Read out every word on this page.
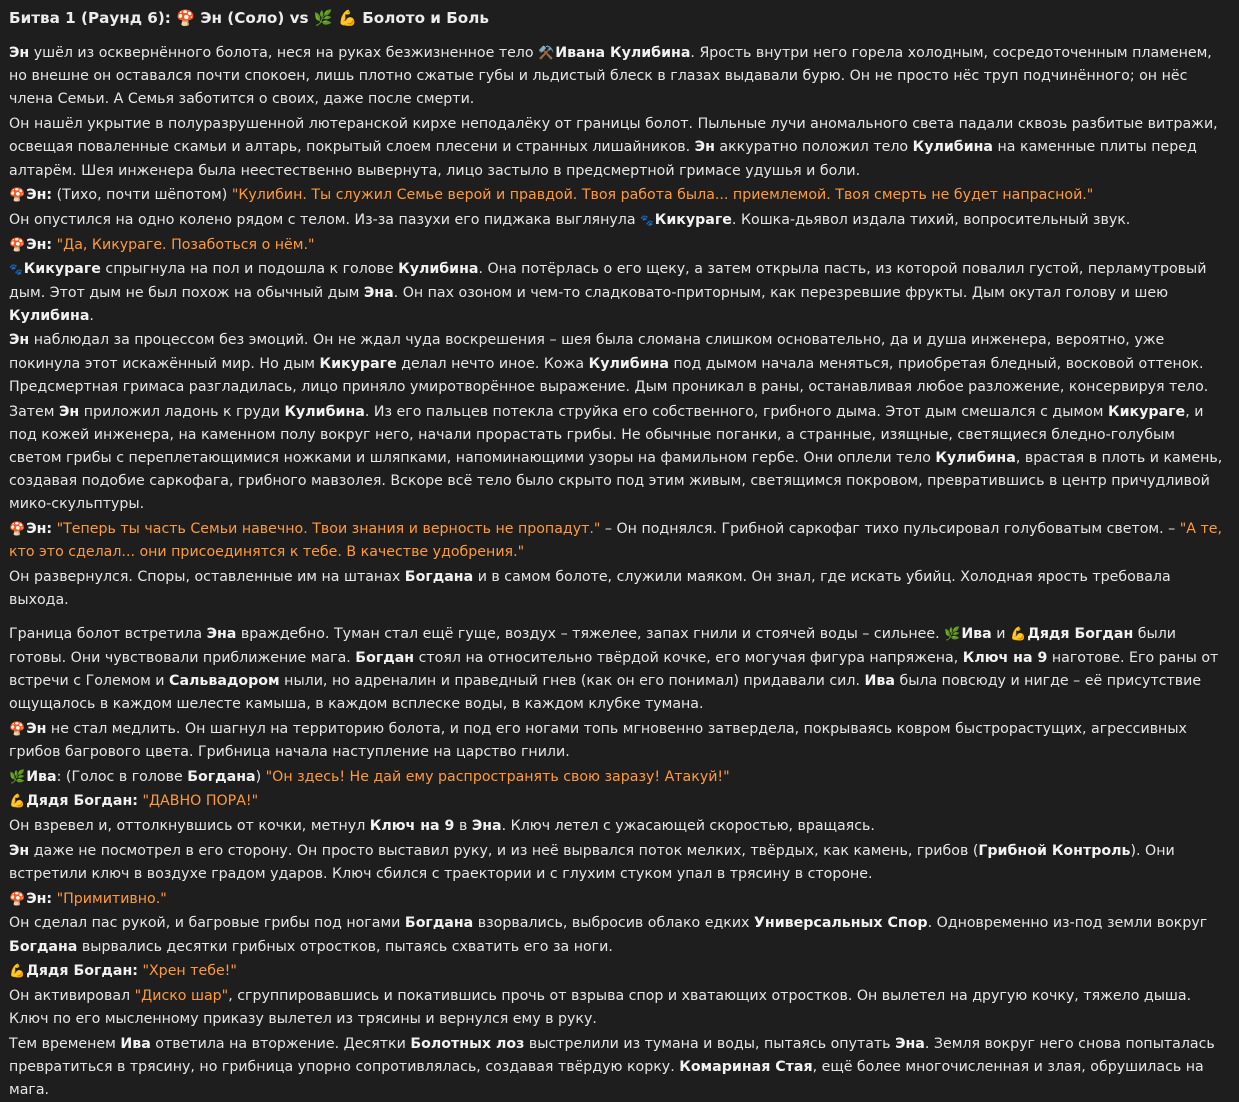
Битва 1 (Раунд 6): 🍄 Эн (Соло) vs 🌿 💪 Болото и Боль
Эн ушёл из осквернённого болота, неся на руках безжизненное тело ⚒️Ивана Кулибина. Ярость внутри него горела холодным, сосредоточенным пламенем, но внешне он оставался почти спокоен, лишь плотно сжатые губы и льдистый блеск в глазах выдавали бурю. Он не просто нёс труп подчинённого; он нёс члена Семьи. А Семья заботится о своих, даже после смерти.
Он нашёл укрытие в полуразрушенной лютеранской кирхе неподалёку от границы болот. Пыльные лучи аномального света падали сквозь разбитые витражи, освещая поваленные скамьи и алтарь, покрытый слоем плесени и странных лишайников. Эн аккуратно положил тело Кулибина на каменные плиты перед алтарём. Шея инженера была неестественно вывернута, лицо застыло в предсмертной гримасе удушья и боли.
🍄Эн: (Тихо, почти шёпотом) "Кулибин. Ты служил Семье верой и правдой. Твоя работа была... приемлемой. Твоя смерть не будет напрасной."
Он опустился на одно колено рядом с телом. Из-за пазухи его пиджака выглянула 🐾Кикураге. Кошка-дьявол издала тихий, вопросительный звук.
🍄Эн: "Да, Кикураге. Позаботься о нём."
🐾Кикураге спрыгнула на пол и подошла к голове Кулибина. Она потёрлась о его щеку, а затем открыла пасть, из которой повалил густой, перламутровый дым. Этот дым не был похож на обычный дым Эна. Он пах озоном и чем-то сладковато-приторным, как перезревшие фрукты. Дым окутал голову и шею Кулибина.
Эн наблюдал за процессом без эмоций. Он не ждал чуда воскрешения – шея была сломана слишком основательно, да и душа инженера, вероятно, уже покинула этот искажённый мир. Но дым Кикураге делал нечто иное. Кожа Кулибина под дымом начала меняться, приобретая бледный, восковой оттенок. Предсмертная гримаса разгладилась, лицо приняло умиротворённое выражение. Дым проникал в раны, останавливая любое разложение, консервируя тело.
Затем Эн приложил ладонь к груди Кулибина. Из его пальцев потекла струйка его собственного, грибного дыма. Этот дым смешался с дымом Кикураге, и под кожей инженера, на каменном полу вокруг него, начали прорастать грибы. Не обычные поганки, а странные, изящные, светящиеся бледно-голубым светом грибы с переплетающимися ножками и шляпками, напоминающими узоры на фамильном гербе. Они оплели тело Кулибина, врастая в плоть и камень, создавая подобие саркофага, грибного мавзолея. Вскоре всё тело было скрыто под этим живым, светящимся покровом, превратившись в центр причудливой мико-скульптуры.
🍄Эн: "Теперь ты часть Семьи навечно. Твои знания и верность не пропадут." – Он поднялся. Грибной саркофаг тихо пульсировал голубоватым светом. – "А те, кто это сделал... они присоединятся к тебе. В качестве удобрения."
Он развернулся. Споры, оставленные им на штанах Богдана и в самом болоте, служили маяком. Он знал, где искать убийц. Холодная ярость требовала выхода.
Граница болот встретила Эна враждебно. Туман стал ещё гуще, воздух – тяжелее, запах гнили и стоячей воды – сильнее. 🌿Ива и 💪Дядя Богдан были готовы. Они чувствовали приближение мага. Богдан стоял на относительно твёрдой кочке, его могучая фигура напряжена, Ключ на 9 наготове. Его раны от встречи с Големом и Сальвадором ныли, но адреналин и праведный гнев (как он его понимал) придавали сил. Ива была повсюду и нигде – её присутствие ощущалось в каждом шелесте камыша, в каждом всплеске воды, в каждом клубке тумана.
🍄Эн не стал медлить. Он шагнул на территорию болота, и под его ногами топь мгновенно затвердела, покрываясь ковром быстрорастущих, агрессивных грибов багрового цвета. Грибница начала наступление на царство гнили.
🌿Ива: (Голос в голове Богдана) "Он здесь! Не дай ему распространять свою заразу! Атакуй!"
💪Дядя Богдан: "ДАВНО ПОРА!"
Он взревел и, оттолкнувшись от кочки, метнул Ключ на 9 в Эна. Ключ летел с ужасающей скоростью, вращаясь.
Эн даже не посмотрел в его сторону. Он просто выставил руку, и из неё вырвался поток мелких, твёрдых, как камень, грибов (Грибной Контроль). Они встретили ключ в воздухе градом ударов. Ключ сбился с траектории и с глухим стуком упал в трясину в стороне.
🍄Эн: "Примитивно."
Он сделал пас рукой, и багровые грибы под ногами Богдана взорвались, выбросив облако едких Универсальных Спор. Одновременно из-под земли вокруг Богдана вырвались десятки грибных отростков, пытаясь схватить его за ноги.
💪Дядя Богдан: "Хрен тебе!"
Он активировал "Диско шар", сгруппировавшись и покатившись прочь от взрыва спор и хватающих отростков. Он вылетел на другую кочку, тяжело дыша. Ключ по его мысленному приказу вылетел из трясины и вернулся ему в руку.
Тем временем Ива ответила на вторжение. Десятки Болотных лоз выстрелили из тумана и воды, пытаясь опутать Эна. Земля вокруг него снова попыталась превратиться в трясину, но грибница упорно сопротивлялась, создавая твёрдую корку. Комариная Стая, ещё более многочисленная и злая, обрушилась на мага.
